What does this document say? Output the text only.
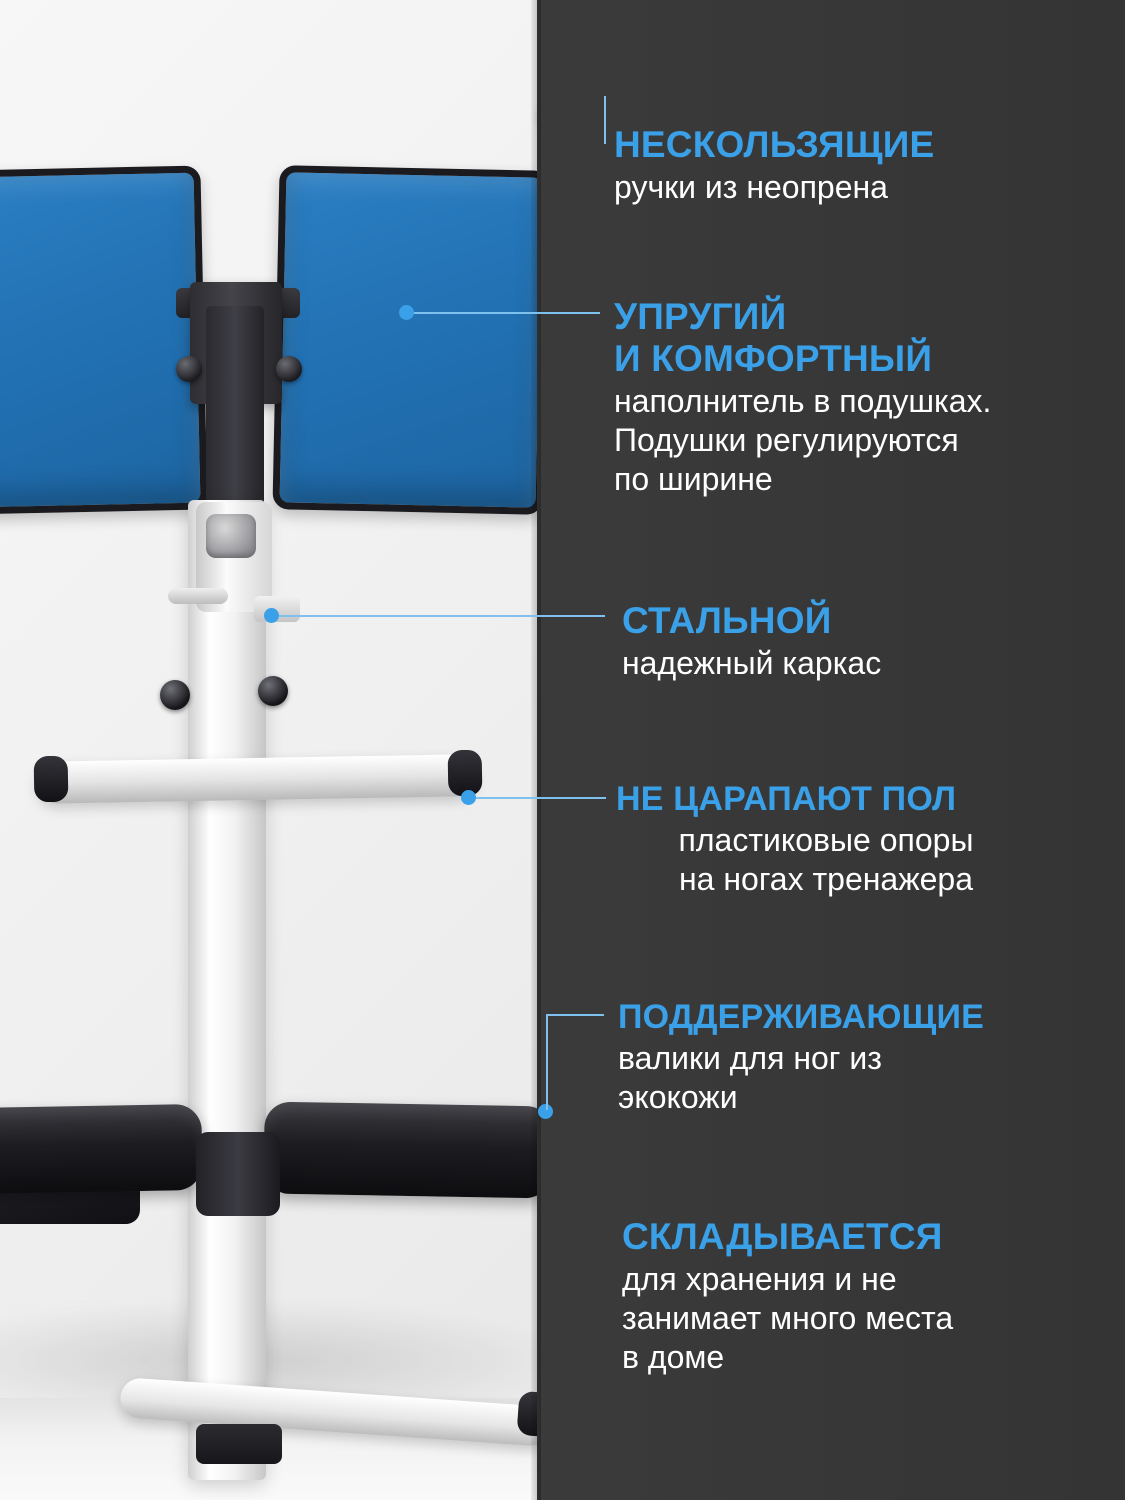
НЕСКОЛЬЗЯЩИЕ
ручки из неопрена
УПРУГИЙ
И КОМФОРТНЫЙ
наполнитель в подушках.
Подушки регулируются
по ширине
СТАЛЬНОЙ
надежный каркас
НЕ ЦАРАПАЮТ ПОЛ
пластиковые опоры
на ногах тренажера
ПОДДЕРЖИВАЮЩИЕ
валики для ног из
экокожи
СКЛАДЫВАЕТСЯ
для хранения и не
занимает много места
в доме
